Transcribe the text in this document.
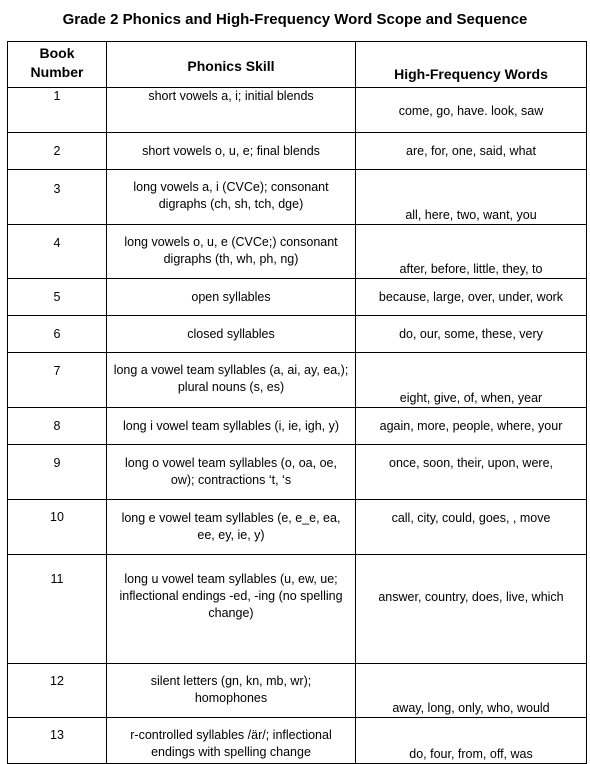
Grade 2 Phonics and High-Frequency Word Scope and Sequence
Book Number	Phonics Skill	High-Frequency Words
1	short vowels a, i; initial blends	come, go, have. look, saw
2	short vowels o, u, e; final blends	are, for, one, said, what
3	long vowels a, i (CVCe); consonant digraphs (ch, sh, tch, dge)	all, here, two, want, you
4	long vowels o, u, e (CVCe;) consonant digraphs (th, wh, ph, ng)	after, before, little, they, to
5	open syllables	because, large, over, under, work
6	closed syllables	do, our, some, these, very
7	long a vowel team syllables (a, ai, ay, ea,); plural nouns (s, es)	eight, give, of, when, year
8	long i vowel team syllables (i, ie, igh, y)	again, more, people, where, your
9	long o vowel team syllables (o, oa, oe, ow); contractions ‘t, ‘s	once, soon, their, upon, were,
10	long e vowel team syllables (e, e_e, ea, ee, ey, ie, y)	call, city, could, goes, , move
11	long u vowel team syllables (u, ew, ue; inflectional endings -ed, -ing (no spelling change)	answer, country, does, live, which
12	silent letters (gn, kn, mb, wr); homophones	away, long, only, who, would
13	r-controlled syllables /är/; inflectional endings with spelling change	do, four, from, off, was
